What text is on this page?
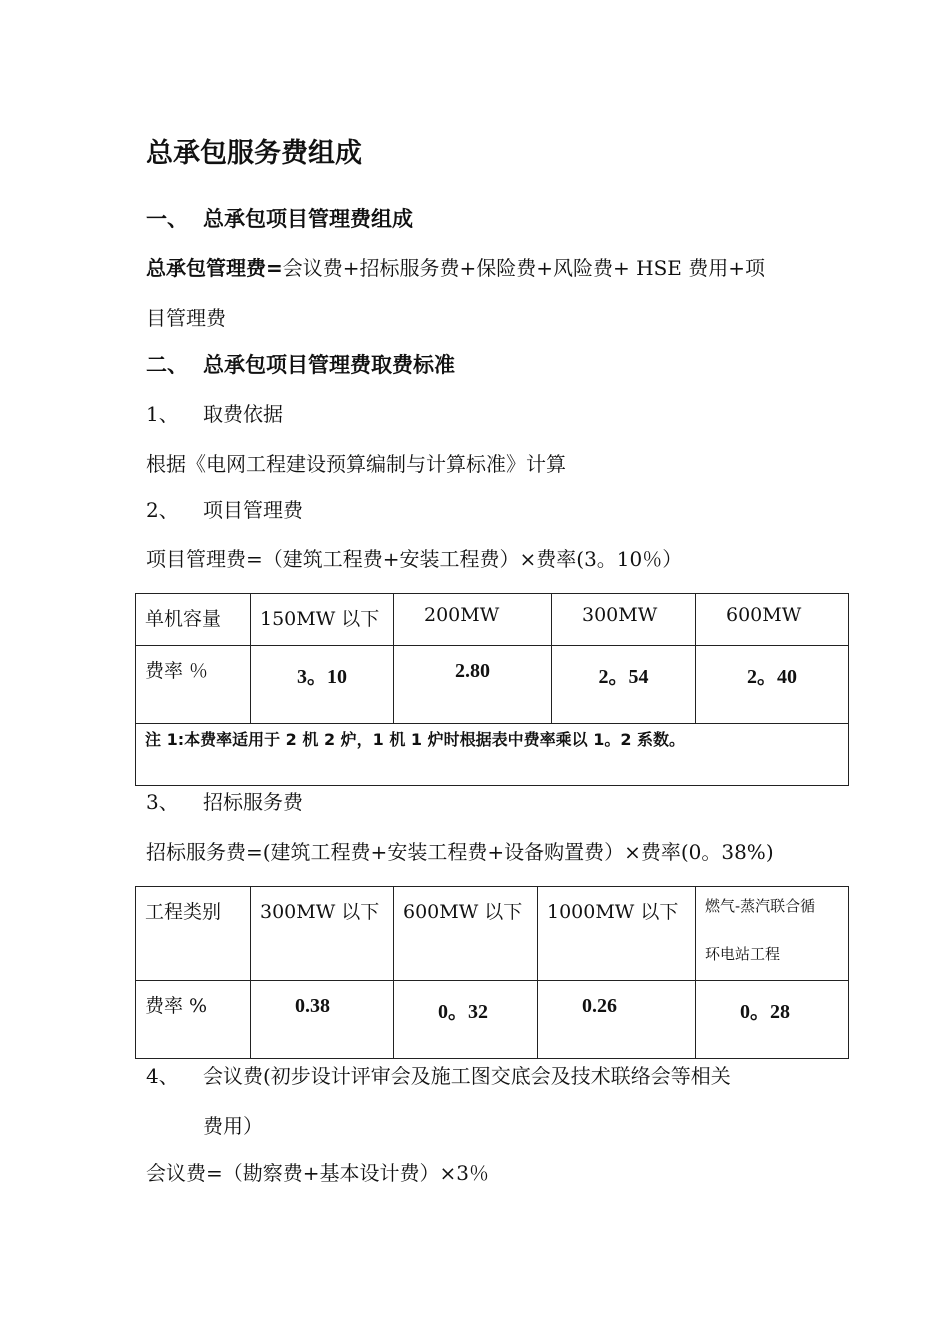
总承包服务费组成
一、 总承包项目管理费组成
总承包管理费=会议费+招标服务费+保险费+风险费+ HSE 费用+项
目管理费
二、 总承包项目管理费取费标准
1、 取费依据
根据《电网工程建设预算编制与计算标准》计算
2、 项目管理费
项目管理费=（建筑工程费+安装工程费）×费率(3。10％）
单机容量	150MW 以下	200MW	300MW	600MW

费率 ％	3。10	2.80	2。54	2。40

注 1:本费率适用于 2 机 2 炉，1 机 1 炉时根据表中费率乘以 1。2 系数。				
3、 招标服务费
招标服务费=(建筑工程费+安装工程费+设备购置费）×费率(0。38%)
工程类别	300MW 以下	600MW 以下	1000MW 以下	燃气-蒸汽联合循
环电站工程

费率 %	0.38	0。32	0.26	0。28
4、 会议费(初步设计评审会及施工图交底会及技术联络会等相关
费用）
会议费=（勘察费+基本设计费）×3％
